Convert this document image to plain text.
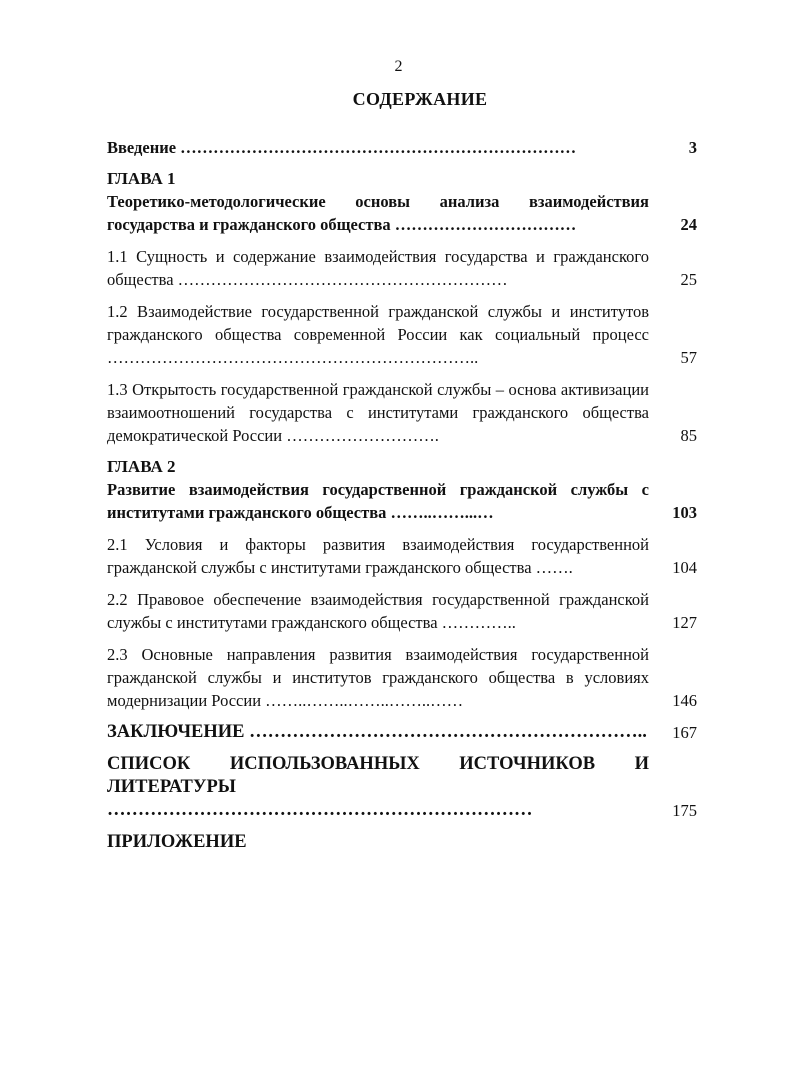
2
СОДЕРЖАНИЕ
Введение ………………………………………………………………	3
ГЛАВА 1
Теоретико-методологические основы анализа взаимодействия государства и гражданского общества ……………………………	24
1.1 Сущность и содержание взаимодействия государства и гражданского общества ……………………………………………………	25
1.2 Взаимодействие государственной гражданской службы и институтов гражданского общества современной России как социальный процесс …………………………………………………………..	57
1.3 Открытость государственной гражданской службы – основа активизации взаимоотношений государства с институтами гражданского общества демократической России ……………………….	85
ГЛАВА 2
Развитие взаимодействия государственной гражданской службы с институтами гражданского общества ……..……...…	103
2.1 Условия и факторы развития взаимодействия государственной гражданской службы с институтами гражданского общества …….	104
2.2 Правовое обеспечение взаимодействия государственной гражданской службы с институтами гражданского общества …………..	127
2.3 Основные направления развития взаимодействия государственной гражданской службы и институтов гражданского общества в условиях модернизации России ……..……..……..……..……	146
ЗАКЛЮЧЕНИЕ ………………………………………………………..	167
СПИСОК ИСПОЛЬЗОВАННЫХ ИСТОЧНИКОВ И ЛИТЕРАТУРЫ ……………………………………………………………	175
ПРИЛОЖЕНИЕ
